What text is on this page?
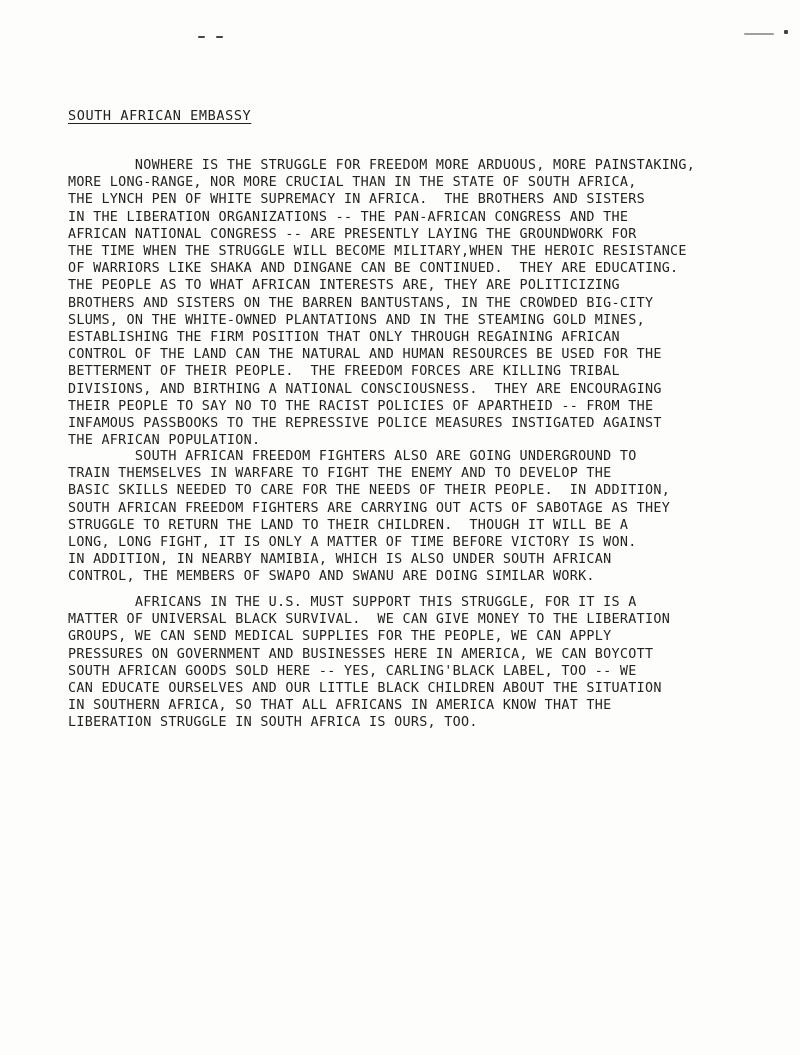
SOUTH AFRICAN EMBASSY
NOWHERE IS THE STRUGGLE FOR FREEDOM MORE ARDUOUS, MORE PAINSTAKING,
MORE LONG-RANGE, NOR MORE CRUCIAL THAN IN THE STATE OF SOUTH AFRICA,
THE LYNCH PEN OF WHITE SUPREMACY IN AFRICA.  THE BROTHERS AND SISTERS
IN THE LIBERATION ORGANIZATIONS -- THE PAN-AFRICAN CONGRESS AND THE
AFRICAN NATIONAL CONGRESS -- ARE PRESENTLY LAYING THE GROUNDWORK FOR
THE TIME WHEN THE STRUGGLE WILL BECOME MILITARY,WHEN THE HEROIC RESISTANCE
OF WARRIORS LIKE SHAKA AND DINGANE CAN BE CONTINUED.  THEY ARE EDUCATING.
THE PEOPLE AS TO WHAT AFRICAN INTERESTS ARE, THEY ARE POLITICIZING
BROTHERS AND SISTERS ON THE BARREN BANTUSTANS, IN THE CROWDED BIG-CITY
SLUMS, ON THE WHITE-OWNED PLANTATIONS AND IN THE STEAMING GOLD MINES,
ESTABLISHING THE FIRM POSITION THAT ONLY THROUGH REGAINING AFRICAN
CONTROL OF THE LAND CAN THE NATURAL AND HUMAN RESOURCES BE USED FOR THE
BETTERMENT OF THEIR PEOPLE.  THE FREEDOM FORCES ARE KILLING TRIBAL
DIVISIONS, AND BIRTHING A NATIONAL CONSCIOUSNESS.  THEY ARE ENCOURAGING
THEIR PEOPLE TO SAY NO TO THE RACIST POLICIES OF APARTHEID -- FROM THE
INFAMOUS PASSBOOKS TO THE REPRESSIVE POLICE MEASURES INSTIGATED AGAINST
THE AFRICAN POPULATION.
SOUTH AFRICAN FREEDOM FIGHTERS ALSO ARE GOING UNDERGROUND TO
TRAIN THEMSELVES IN WARFARE TO FIGHT THE ENEMY AND TO DEVELOP THE
BASIC SKILLS NEEDED TO CARE FOR THE NEEDS OF THEIR PEOPLE.  IN ADDITION,
SOUTH AFRICAN FREEDOM FIGHTERS ARE CARRYING OUT ACTS OF SABOTAGE AS THEY
STRUGGLE TO RETURN THE LAND TO THEIR CHILDREN.  THOUGH IT WILL BE A
LONG, LONG FIGHT, IT IS ONLY A MATTER OF TIME BEFORE VICTORY IS WON.
IN ADDITION, IN NEARBY NAMIBIA, WHICH IS ALSO UNDER SOUTH AFRICAN
CONTROL, THE MEMBERS OF SWAPO AND SWANU ARE DOING SIMILAR WORK.
AFRICANS IN THE U.S. MUST SUPPORT THIS STRUGGLE, FOR IT IS A
MATTER OF UNIVERSAL BLACK SURVIVAL.  WE CAN GIVE MONEY TO THE LIBERATION
GROUPS, WE CAN SEND MEDICAL SUPPLIES FOR THE PEOPLE, WE CAN APPLY
PRESSURES ON GOVERNMENT AND BUSINESSES HERE IN AMERICA, WE CAN BOYCOTT
SOUTH AFRICAN GOODS SOLD HERE -- YES, CARLING'BLACK LABEL, TOO -- WE
CAN EDUCATE OURSELVES AND OUR LITTLE BLACK CHILDREN ABOUT THE SITUATION
IN SOUTHERN AFRICA, SO THAT ALL AFRICANS IN AMERICA KNOW THAT THE
LIBERATION STRUGGLE IN SOUTH AFRICA IS OURS, TOO.
